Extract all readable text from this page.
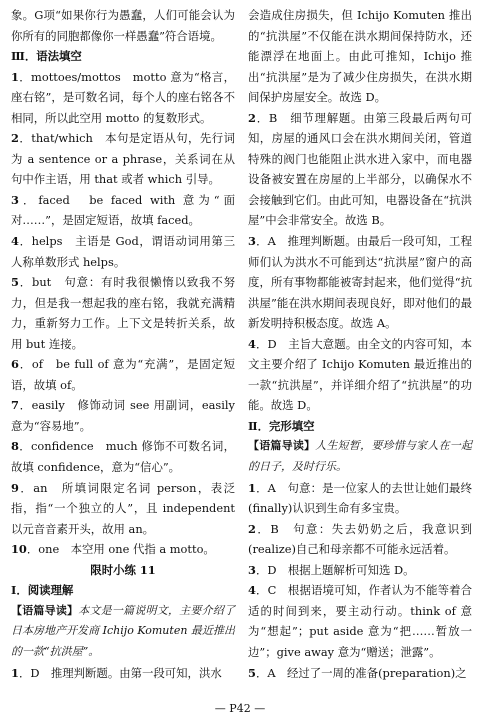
象。G项“如果你行为愚蠢，人们可能会认为你所有的同胞都像你一样愚蠢”符合语境。

Ⅲ．语法填空

1．mottoes/mottos　motto 意为“格言，座右铭”，是可数名词，每个人的座右铭各不相同，所以此空用 motto 的复数形式。

2．that/which　本句是定语从句，先行词为 a sentence or a phrase，关系词在从句中作主语，用 that 或者 which 引导。

3．faced　be faced with 意为“面对……”，是固定短语，故填 faced。

4．helps　主语是 God，谓语动词用第三人称单数形式 helps。

5．but　句意：有时我很懒惰以致我不努力，但是我一想起我的座右铭，我就充满精力，重新努力工作。上下文是转折关系，故用 but 连接。

6．of　be full of 意为“充满”，是固定短语，故填 of。

7．easily　修饰动词 see 用副词，easily 意为“容易地”。

8．confidence　much 修饰不可数名词，故填 confidence，意为“信心”。

9．an　所填词限定名词 person，表泛指，指“一个独立的人”，且 independent 以元音音素开头，故用 an。

10．one　本空用 one 代指 a motto。

限时小练 11

Ⅰ．阅读理解

【语篇导读】本文是一篇说明文，主要介绍了日本房地产开发商 Ichijo Komuten 最近推出的一款“抗洪屋”。

1．D　推理判断题。由第一段可知，洪水

会造成住房损失，但 Ichijo Komuten 推出的“抗洪屋”不仅能在洪水期间保持防水，还能漂浮在地面上。由此可推知，Ichijo 推出“抗洪屋”是为了减少住房损失，在洪水期间保护房屋安全。故选 D。

2．B　细节理解题。由第三段最后两句可知，房屋的通风口会在洪水期间关闭，管道特殊的阀门也能阻止洪水进入家中，而电器设备被安置在房屋的上半部分，以确保水不会接触到它们。由此可知，电器设备在“抗洪屋”中会非常安全。故选 B。

3．A　推理判断题。由最后一段可知，工程师们认为洪水不可能到达“抗洪屋”窗户的高度，所有事物都能被寄封起来，他们觉得“抗洪屋”能在洪水期间表现良好，即对他们的最新发明持积极态度。故选 A。

4．D　主旨大意题。由全文的内容可知，本文主要介绍了 Ichijo Komuten 最近推出的一款“抗洪屋”，并详细介绍了“抗洪屋”的功能。故选 D。

Ⅱ．完形填空

【语篇导读】人生短暂，要珍惜与家人在一起的日子，及时行乐。

1．A　句意：是一位家人的去世让她们最终(finally)认识到生命有多宝贵。

2．B　句意：失去奶奶之后，我意识到(realize)自己和母亲都不可能永远活着。

3．D　根据上题解析可知选 D。

4．C　根据语境可知，作者认为不能等着合适的时间到来，要主动行动。think of 意为“想起”；put aside 意为“把……暂放一边”；give away 意为“赠送；泄露”。

5．A　经过了一周的准备(preparation)之

— P42 —
